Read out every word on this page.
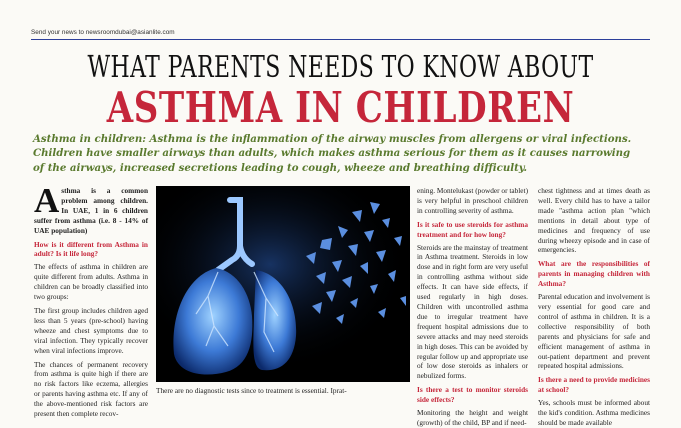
Send your news to newsroomdubai@asianlite.com
WHAT PARENTS NEEDS TO KNOW ABOUT
ASTHMA IN CHILDREN
Asthma in children: Asthma is the inflammation of the airway muscles from allergens or viral infections.
Children have smaller airways than adults, which makes asthma serious for them as it causes narrowing
of the airways, increased secretions leading to cough, wheeze and breathing difficulty.

A sthma is a common problem among children. In UAE, 1 in 6 children suffer from asthma (i.e. 8 - 14% of UAE population)

How is it different from Asthma in adult? Is it life long?

The effects of asthma in children are quite different from adults. Asthma in children can be broadly classified into two groups:

The first group includes children aged less than 5 years (pre-school) having wheeze and chest symptoms due to viral infection. They typically recover when viral infections improve.

The chances of permanent recovery from asthma is quite high if there are no risk factors like eczema, allergies or parents having asthma etc. If any of the above-mentioned risk factors are present then complete recov-

There are no diagnostic tests since to treatment is essential. Iprat-

ening. Montelukast (powder or tablet) is very helpful in preschool children in controlling severity of asthma.

Is it safe to use steroids for asthma treatment and for how long?

Steroids are the mainstay of treatment in Asthma treatment. Steroids in low dose and in right form are very useful in controlling asthma without side effects. It can have side effects, if used regularly in high doses. Children with uncontrolled asthma due to irregular treatment have frequent hospital admissions due to severe attacks and may need steroids in high doses. This can be avoided by regular follow up and appropriate use of low dose steroids as inhalers or nebulized forms.

Is there a test to monitor steroids side effects?

Monitoring the height and weight (growth) of the child, BP and if need-

chest tightness and at times death as well. Every child has to have a tailor made "asthma action plan "which mentions in detail about type of medicines and frequency of use during wheezy episode and in case of emergencies.

What are the responsibilities of parents in managing children with Asthma?

Parental education and involvement is very essential for good care and control of asthma in children. It is a collective responsibility of both parents and physicians for safe and efficient management of asthma in out-patient department and prevent repeated hospital admissions.

Is there a need to provide medicines at school?

Yes, schools must be informed about the kid's condition. Asthma medicines should be made available
